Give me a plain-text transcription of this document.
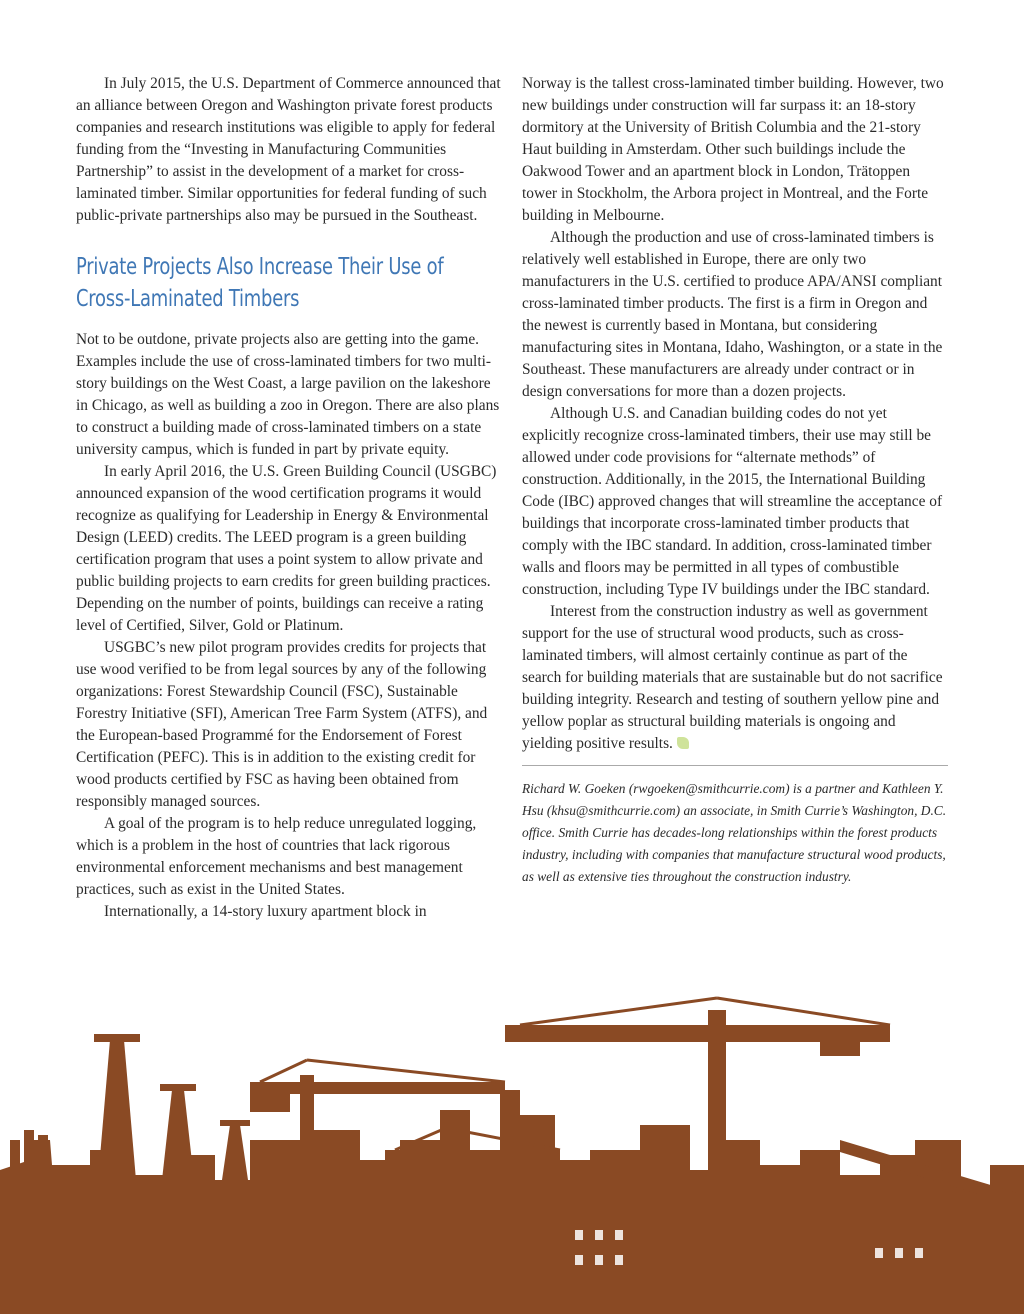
In July 2015, the U.S. Department of Commerce announced that an alliance between Oregon and Washington private forest products companies and research institutions was eligible to apply for federal funding from the “Investing in Manufacturing Communities Partnership” to assist in the development of a market for cross-laminated timber. Similar opportunities for federal funding of such public-private partnerships also may be pursued in the Southeast.

Private Projects Also Increase Their Use of Cross-Laminated Timbers

Not to be outdone, private projects also are getting into the game. Examples include the use of cross-laminated timbers for two multi-story buildings on the West Coast, a large pavilion on the lakeshore in Chicago, as well as building a zoo in Oregon. There are also plans to construct a building made of cross-laminated timbers on a state university campus, which is funded in part by private equity.

In early April 2016, the U.S. Green Building Council (USGBC) announced expansion of the wood certification programs it would recognize as qualifying for Leadership in Energy & Environmental Design (LEED) credits. The LEED program is a green building certification program that uses a point system to allow private and public building projects to earn credits for green building practices. Depending on the number of points, buildings can receive a rating level of Certified, Silver, Gold or Platinum.

USGBC’s new pilot program provides credits for projects that use wood verified to be from legal sources by any of the following organizations: Forest Stewardship Council (FSC), Sustainable Forestry Initiative (SFI), American Tree Farm System (ATFS), and the European-based Programmé for the Endorsement of Forest Certification (PEFC). This is in addition to the existing credit for wood products certified by FSC as having been obtained from responsibly managed sources.

A goal of the program is to help reduce unregulated logging, which is a problem in the host of countries that lack rigorous environmental enforcement mechanisms and best management practices, such as exist in the United States.

Internationally, a 14-story luxury apartment block in

Norway is the tallest cross-laminated timber building. However, two new buildings under construction will far surpass it: an 18-story dormitory at the University of British Columbia and the 21-story Haut building in Amsterdam. Other such buildings include the Oakwood Tower and an apartment block in London, Trätoppen tower in Stockholm, the Arbora project in Montreal, and the Forte building in Melbourne.

Although the production and use of cross-laminated timbers is relatively well established in Europe, there are only two manufacturers in the U.S. certified to produce APA/ANSI compliant cross-laminated timber products. The first is a firm in Oregon and the newest is currently based in Montana, but considering manufacturing sites in Montana, Idaho, Washington, or a state in the Southeast. These manufacturers are already under contract or in design conversations for more than a dozen projects.

Although U.S. and Canadian building codes do not yet explicitly recognize cross-laminated timbers, their use may still be allowed under code provisions for “alternate methods” of construction. Additionally, in the 2015, the International Building Code (IBC) approved changes that will streamline the acceptance of buildings that incorporate cross-laminated timber products that comply with the IBC standard. In addition, cross-laminated timber walls and floors may be permitted in all types of combustible construction, including Type IV buildings under the IBC standard.

Interest from the construction industry as well as government support for the use of structural wood products, such as cross-laminated timbers, will almost certainly continue as part of the search for building materials that are sustainable but do not sacrifice building integrity. Research and testing of southern yellow pine and yellow poplar as structural building materials is ongoing and yielding positive results.

Richard W. Goeken (rwgoeken@smithcurrie.com) is a partner and Kathleen Y. Hsu (khsu@smithcurrie.com) an associate, in Smith Currie’s Washington, D.C. office. Smith Currie has decades-long relationships within the forest products industry, including with companies that manufacture structural wood products, as well as extensive ties throughout the construction industry.
